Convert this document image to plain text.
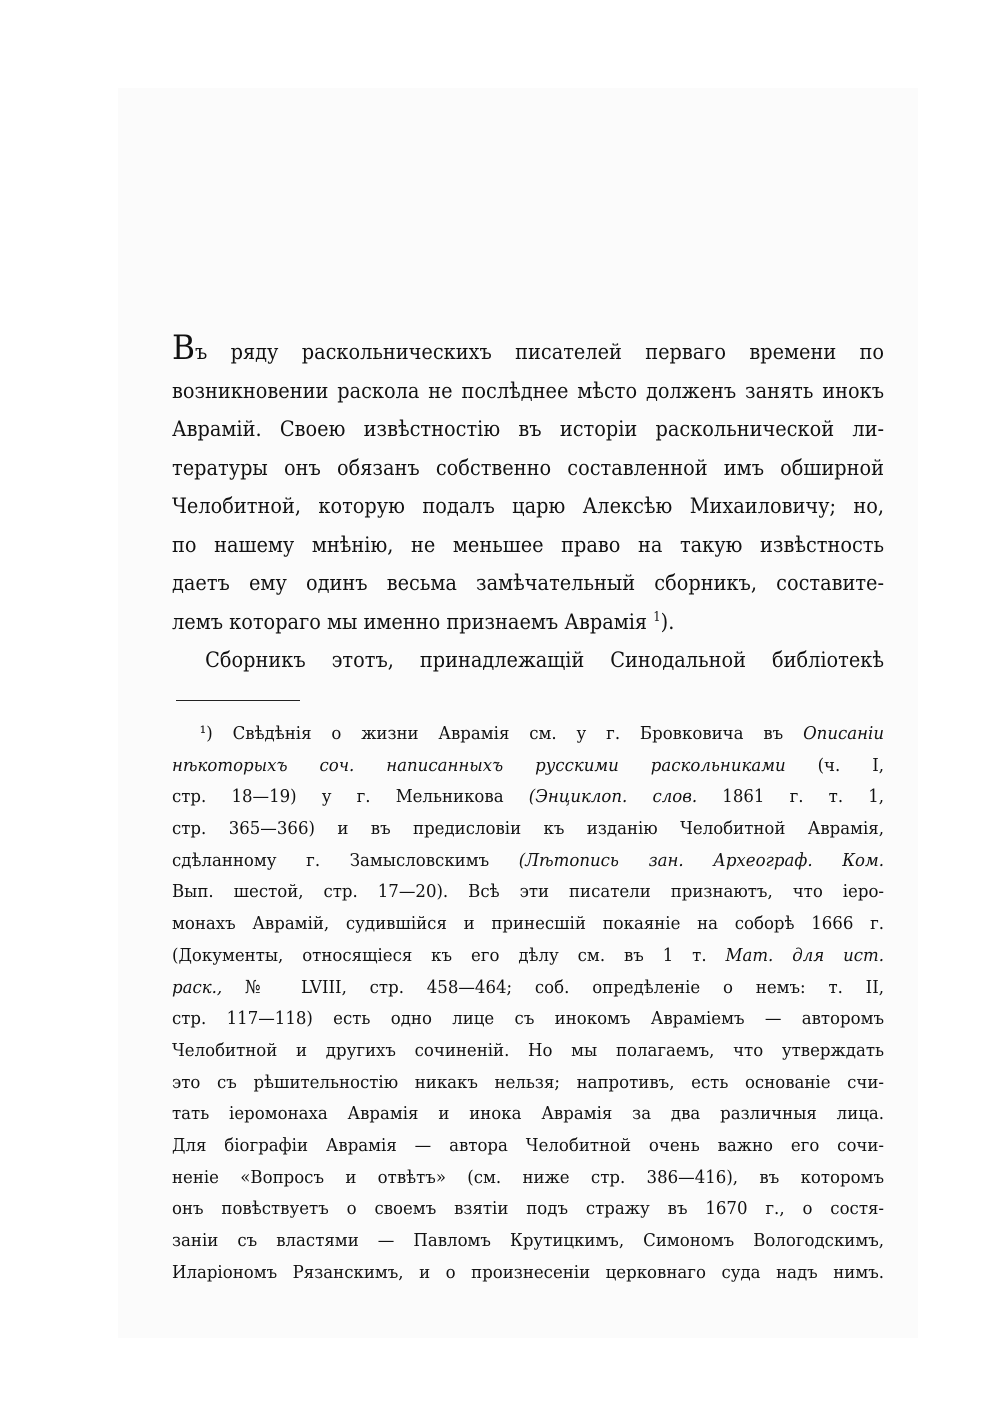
Въ ряду раскольническихъ писателей перваго времени по
возникновении раскола не послѣднее мѣсто долженъ занять инокъ
Аврамій. Своею извѣстностію въ исторіи раскольнической ли-
тературы онъ обязанъ собственно составленной имъ обширной
Челобитной, которую подалъ царю Алексѣю Михаиловичу; но,
по нашему мнѣнію, не меньшее право на такую извѣстность
даетъ ему одинъ весьма замѣчательный сборникъ, составите-
лемъ котораго мы именно признаемъ Аврамія $^1$).
Сборникъ этотъ, принадлежащій Синодальной библіотекѣ
¹) Свѣдѣнія о жизни Аврамія см. у г. Бровковича въ Описаніи
нѣкоторыхъ соч. написанныхъ русскими раскольниками (ч. I,
стр. 18—19) у г. Мельникова (Энциклоп. слов. 1861 г. т. 1,
стр. 365—366) и въ предисловіи къ изданію Челобитной Аврамія,
сдѣланному г. Замысловскимъ (Лѣтопись зан. Археограф. Ком.
Вып. шестой, стр. 17—20). Всѣ эти писатели признаютъ, что іеро-
монахъ Аврамій, судившійся и принесшій покаяніе на соборѣ 1666 г.
(Документы, относящіеся къ его дѣлу см. въ 1 т. Мат. для ист.
раск., № LVIII, стр. 458—464; соб. опредѣленіе о немъ: т. II,
стр. 117—118) есть одно лице съ инокомъ Авраміемъ — авторомъ
Челобитной и другихъ сочиненій. Но мы полагаемъ, что утверждать
это съ рѣшительностію никакъ нельзя; напротивъ, есть основаніе счи-
тать іеромонаха Аврамія и инока Аврамія за два различныя лица.
Для біографіи Аврамія — автора Челобитной очень важно его сочи-
неніе «Вопросъ и отвѣтъ» (см. ниже стр. 386—416), въ которомъ
онъ повѣствуетъ о своемъ взятіи подъ стражу въ 1670 г., о состя-
заніи съ властями — Павломъ Крутицкимъ, Симономъ Вологодскимъ,
Иларіономъ Рязанскимъ, и о произнесеніи церковнаго суда надъ нимъ.
